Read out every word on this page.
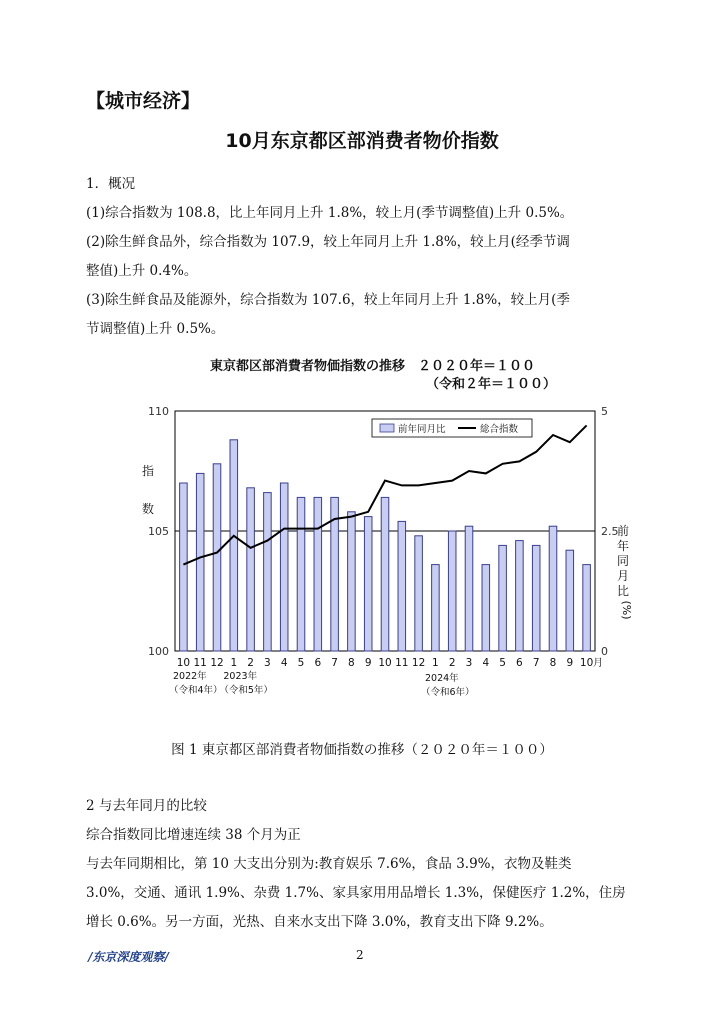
【城市经济】
10月东京都区部消费者物价指数
1．概况
(1)综合指数为 108.8，比上年同月上升 1.8%，较上月(季节调整值)上升 0.5%。
(2)除生鲜食品外，综合指数为 107.9，较上年同月上升 1.8%，较上月(经季节调
整值)上升 0.4%。
(3)除生鲜食品及能源外，综合指数为 107.6，较上年同月上升 1.8%，较上月(季
节调整值)上升 0.5%。
東京都区部消費者物価指数の推移　２０２０年＝１００
（令和２年＝１００）
100
105
110
0
2.5
5
指
数
前
年
同
月
比
(%)
10 11 12 1 2 3 4 5 6 7 8 9 10 11 12 1 2 3 4 5 6 7 8 9 10 月
2022年
（令和4年）
2023年
（令和5年）
2024年
（令和6年）
前年同月比	総合指数
图 1 東京都区部消費者物価指数の推移（２０２０年＝１００）
2 与去年同月的比较
综合指数同比增速连续 38 个月为正
与去年同期相比，第 10 大支出分别为:教育娱乐 7.6%，食品 3.9%，衣物及鞋类
3.0%，交通、通讯 1.9%、杂费 1.7%、家具家用用品增长 1.3%，保健医疗 1.2%，住房
增长 0.6%。另一方面，光热、自来水支出下降 3.0%，教育支出下降 9.2%。
/东京深度观察/	2
